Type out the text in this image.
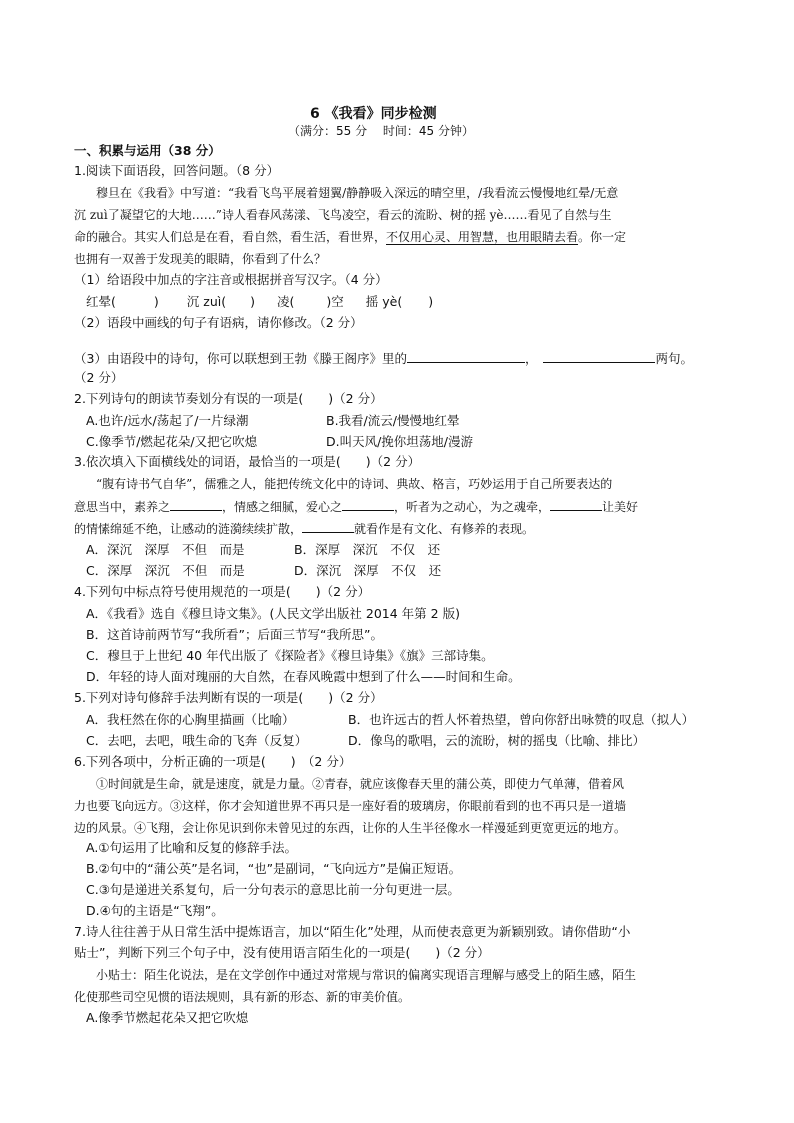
6 《我看》同步检测
（满分：55 分　 时间：45 分钟）
一、积累与运用（38 分）
1.阅读下面语段，回答问题。（8 分）
穆旦在《我看》中写道：“我看飞鸟平展着翅翼/静静吸入深远的晴空里，/我看流云慢慢地红晕/无意
沉 zuì了凝望它的大地……”诗人看春风荡漾、飞鸟凌空，看云的流盼、树的摇 yè……看见了自然与生
命的融合。其实人们总是在看，看自然，看生活，看世界，不仅用心灵、用智慧，也用眼睛去看。你一定
也拥有一双善于发现美的眼睛，你看到了什么？
（1）给语段中加点的字注音或根据拼音写汉字。（4 分）
红晕(	) 沉 zuì( ) 凌(	)空 摇 yè( )
（2）语段中画线的句子有语病，请你修改。（2 分）
（3）由语段中的诗句，你可以联想到王勃《滕王阁序》里的	，	两句。
（2 分）
2.下列诗句的朗读节奏划分有误的一项是(　　)（2 分）
A.也许/远水/荡起了/一片绿潮	B.我看/流云/慢慢地红晕
C.像季节/燃起花朵/又把它吹熄	D.叫天风/挽你坦荡地/漫游
3.依次填入下面横线处的词语，最恰当的一项是(　　)（2 分）
“腹有诗书气自华”，儒雅之人，能把传统文化中的诗词、典故、格言，巧妙运用于自己所要表达的
意思当中，素养之	，情感之细腻，爱心之	，听者为之动心，为之魂牵，	让美好
的情愫绵延不绝，让感动的涟漪续续扩散，	就看作是有文化、有修养的表现。
A．深沉　深厚　不但　而是	B．深厚　深沉　不仅　还
C．深厚　深沉　不但　而是	D．深沉　深厚　不仅　还
4.下列句中标点符号使用规范的一项是(　　)（2 分）
A．《我看》选自《穆旦诗文集》。(人民文学出版社 2014 年第 2 版)
B．这首诗前两节写“我所看”；后面三节写“我所思”。
C．穆旦于上世纪 40 年代出版了《探险者》《穆旦诗集》《旗》三部诗集。
D．年轻的诗人面对瑰丽的大自然，在春风晚霞中想到了什么——时间和生命。
5.下列对诗句修辞手法判断有误的一项是(　　)（2 分）
A．我枉然在你的心胸里描画（比喻）	B．也许远古的哲人怀着热望，曾向你舒出咏赞的叹息（拟人）
C．去吧，去吧，哦生命的飞奔（反复）	D．像鸟的歌唱，云的流盼，树的摇曳（比喻、排比）
6.下列各项中，分析正确的一项是(　　)　（2 分）
①时间就是生命，就是速度，就是力量。②青春，就应该像春天里的蒲公英，即使力气单薄，借着风
力也要飞向远方。③这样，你才会知道世界不再只是一座好看的玻璃房，你眼前看到的也不再只是一道墙
边的风景。④飞翔，会让你见识到你未曾见过的东西，让你的人生半径像水一样漫延到更宽更远的地方。
A.①句运用了比喻和反复的修辞手法。
B.②句中的“蒲公英”是名词，“也”是副词，“飞向远方”是偏正短语。
C.③句是递进关系复句，后一分句表示的意思比前一分句更进一层。
D.④句的主语是“飞翔”。
7.诗人往往善于从日常生活中提炼语言，加以“陌生化”处理，从而使表意更为新颖别致。请你借助“小
贴士”，判断下列三个句子中，没有使用语言陌生化的一项是(　　)（2 分）
小贴士：陌生化说法，是在文学创作中通过对常规与常识的偏离实现语言理解与感受上的陌生感，陌生
化使那些司空见惯的语法规则，具有新的形态、新的审美价值。
A.像季节燃起花朵又把它吹熄
